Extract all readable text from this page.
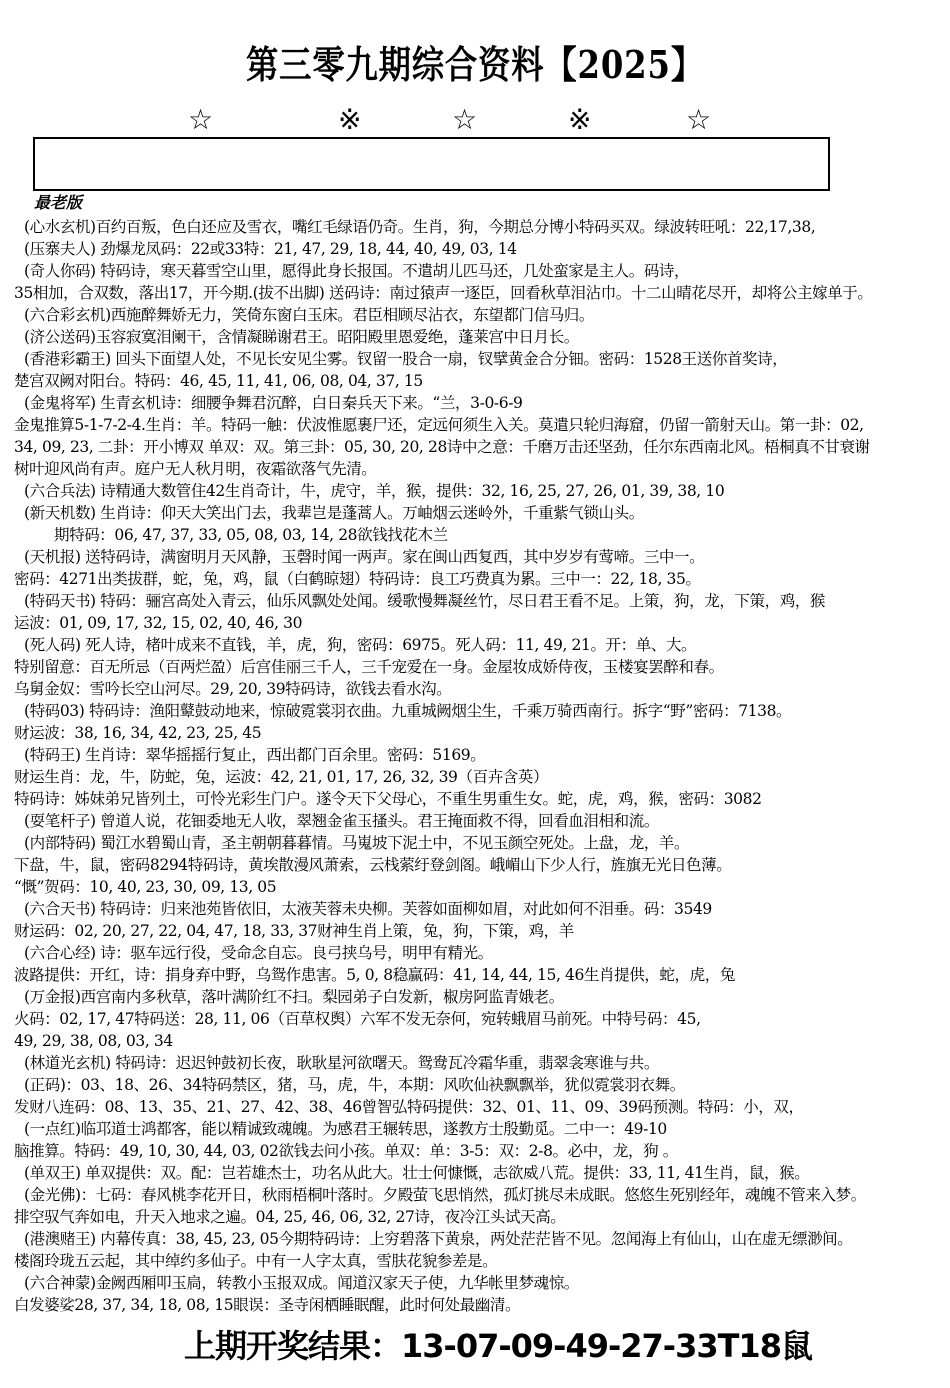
第三零九期综合资料【2025】
☆	※	☆	※	☆
最老版
(心水玄机)百约百叛，色白还应及雪衣，嘴红毛绿语仍奇。生肖，狗，今期总分博小特码买双。绿波转旺吼：22,17,38,
(压寨夫人) 劲爆龙凤码：22或33特：21, 47, 29, 18, 44, 40, 49, 03, 14
(奇人你码) 特码诗，寒天暮雪空山里，愿得此身长报国。不遣胡儿匹马还，几处蛮家是主人。码诗，
35相加，合双数，落出17，开今期.(拔不出脚) 送码诗：南过猿声一逐臣，回看秋草泪沾巾。十二山晴花尽开，却将公主嫁单于。
(六合彩玄机)西施醉舞娇无力，笑倚东窗白玉床。君臣相顾尽沾衣，东望都门信马归。
(济公送码)玉容寂寞泪阑干，含情凝睇谢君王。昭阳殿里恩爱绝，蓬莱宫中日月长。
(香港彩霸王) 回头下面望人处，不见长安见尘雾。钗留一股合一扇，钗擘黄金合分钿。密码：1528王送你首奖诗，
楚宫双阙对阳台。特码：46, 45, 11, 41, 06, 08, 04, 37, 15
(金鬼将军) 生青玄机诗：细腰争舞君沉醉，白日秦兵天下来。“兰，3-0-6-9
金鬼推算5-1-7-2-4.生肖：羊。特码一触：伏波惟愿裹尸还，定远何须生入关。莫遣只轮归海窟，仍留一箭射天山。第一卦：02,
34, 09, 23, 二卦：开小博双 单双：双。第三卦：05, 30, 20, 28诗中之意：千磨万击还坚劲，任尔东西南北风。梧桐真不甘衰谢
树叶迎风尚有声。庭户无人秋月明，夜霜欲落气先清。
(六合兵法) 诗精通大数管住42生肖奇计，牛，虎守，羊，猴，提供：32, 16, 25, 27, 26, 01, 39, 38, 10
(新天机数) 生肖诗：仰天大笑出门去，我辈岂是蓬蒿人。万岫烟云迷岭外，千重紫气锁山头。
期特码：06, 47, 37, 33, 05, 08, 03, 14, 28欲钱找花木兰
(天机报) 送特码诗，满窗明月天风静，玉磬时闻一两声。家在闽山西复西，其中岁岁有莺啼。三中一。
密码：4271出类拔群，蛇，兔，鸡，鼠（白鹤晾翅）特码诗：良工巧费真为累。三中一：22, 18, 35。
(特码天书) 特码：骊宫高处入青云，仙乐风飘处处闻。缓歌慢舞凝丝竹，尽日君王看不足。上策，狗，龙，下策，鸡，猴
运波：01, 09, 17, 32, 15, 02, 40, 46, 30
(死人码) 死人诗，楮叶成来不直钱，羊，虎，狗，密码：6975。死人码：11, 49, 21。开：单、大。
特别留意：百无所忌（百两烂盈）后宫佳丽三千人，三千宠爱在一身。金屋妆成娇侍夜，玉楼宴罢醉和春。
乌舅金奴：雪吟长空山河尽。29, 20, 39特码诗，欲钱去看水沟。
(特码03) 特码诗：渔阳鼙鼓动地来，惊破霓裳羽衣曲。九重城阙烟尘生，千乘万骑西南行。拆字“野”密码：7138。
财运波：38, 16, 34, 42, 23, 25, 45
(特码王) 生肖诗：翠华摇摇行复止，西出都门百余里。密码：5169。
财运生肖：龙，牛，防蛇，兔，运波：42, 21, 01, 17, 26, 32, 39（百卉含英）
特码诗：姊妹弟兄皆列土，可怜光彩生门户。遂令天下父母心，不重生男重生女。蛇，虎，鸡，猴，密码：3082
(耍笔杆子) 曾道人说，花钿委地无人收，翠翘金雀玉搔头。君王掩面救不得，回看血泪相和流。
(内部特码) 蜀江水碧蜀山青，圣主朝朝暮暮情。马嵬坡下泥土中，不见玉颜空死处。上盘，龙，羊。
下盘，牛，鼠，密码8294特码诗，黄埃散漫风萧索，云栈萦纡登剑阁。峨嵋山下少人行，旌旗无光日色薄。
“慨”贺码：10, 40, 23, 30, 09, 13, 05
(六合天书) 特码诗：归来池苑皆依旧，太液芙蓉未央柳。芙蓉如面柳如眉，对此如何不泪垂。码：3549
财运码：02, 20, 27, 22, 04, 47, 18, 33, 37财神生肖上策，兔，狗，下策，鸡，羊
(六合心经) 诗：驱车远行役，受命念自忘。良弓挟乌号，明甲有精光。
波路提供：开红，诗：捐身弃中野，乌鸳作患害。5, 0, 8稳赢码：41, 14, 44, 15, 46生肖提供，蛇，虎，兔
(万金报)西宫南内多秋草，落叶满阶红不扫。梨园弟子白发新，椒房阿监青娥老。
火码：02, 17, 47特码送：28, 11, 06（百草权舆）六军不发无奈何，宛转蛾眉马前死。中特号码：45,
49, 29, 38, 08, 03, 34
(林道光玄机) 特码诗：迟迟钟鼓初长夜，耿耿星河欲曙天。鸳鸯瓦冷霜华重，翡翠衾寒谁与共。
(正码)：03、18、26、34特码禁区，猪，马，虎，牛，本期：风吹仙袂飘飘举，犹似霓裳羽衣舞。
发财八连码：08、13、35、21、27、42、38、46曾智弘特码提供：32、01、11、09、39码预测。特码：小，双，
(一点红)临邛道士鸿都客，能以精诚致魂魄。为感君王辗转思，遂教方士殷勤觅。二中一：49-10
脑推算。特码：49, 10, 30, 44, 03, 02欲钱去问小孩。单双：单：3-5：双：2-8。必中，龙，狗 。
(单双王) 单双提供：双。配：岂若雄杰士，功名从此大。壮士何慷慨，志欲威八荒。提供：33, 11, 41生肖，鼠，猴。
(金光佛)：七码：春风桃李花开日，秋雨梧桐叶落时。夕殿萤飞思悄然，孤灯挑尽未成眠。悠悠生死别经年，魂魄不管来入梦。
排空驭气奔如电，升天入地求之遍。04, 25, 46, 06, 32, 27诗，夜冷江头试天高。
(港澳赌王) 内幕传真：38, 45, 23, 05今期特码诗：上穷碧落下黄泉，两处茫茫皆不见。忽闻海上有仙山，山在虚无缥渺间。
楼阁玲珑五云起，其中绰约多仙子。中有一人字太真，雪肤花貌参差是。
(六合神蒙)金阙西厢叩玉扃，转教小玉报双成。闻道汉家天子使，九华帐里梦魂惊。
白发婆娑28, 37, 34, 18, 08, 15眼误：圣寺闲栖睡眠醒，此时何处最幽清。
上期开奖结果：13-07-09-49-27-33T18鼠
